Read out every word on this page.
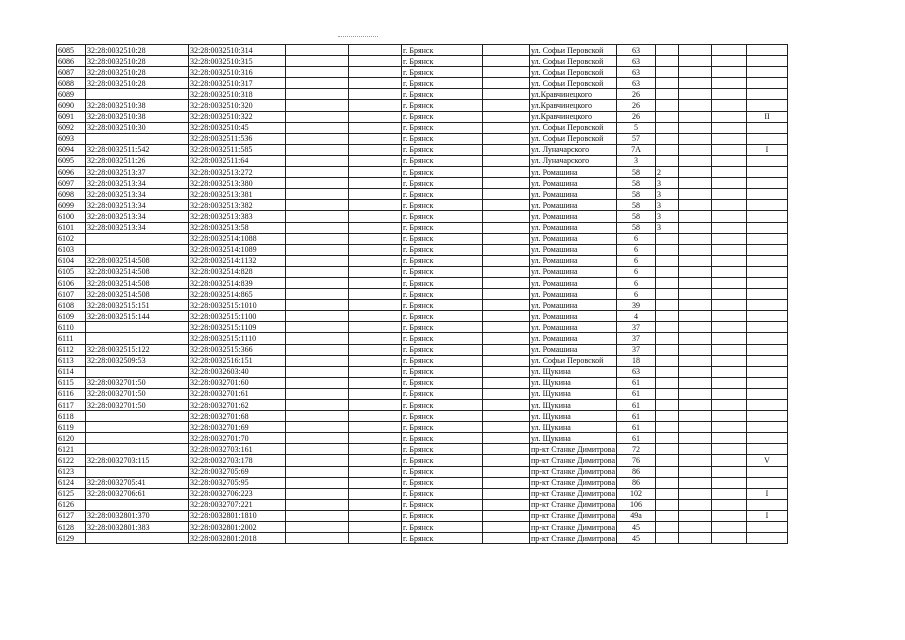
6085	32:28:0032510:28	32:28:0032510:314			г. Брянск		ул. Софьи Перовской	63				
6086	32:28:0032510:28	32:28:0032510:315			г. Брянск		ул. Софьи Перовской	63				
6087	32:28:0032510:28	32:28:0032510:316			г. Брянск		ул. Софьи Перовской	63				
6088	32:28:0032510:28	32:28:0032510:317			г. Брянск		ул. Софьи Перовской	63				
6089		32:28:0032510:318			г. Брянск		ул.Кравчинецкого	26				
6090	32:28:0032510:38	32:28:0032510:320			г. Брянск		ул.Кравчинецкого	26				
6091	32:28:0032510:38	32:28:0032510:322			г. Брянск		ул.Кравчинецкого	26				II
6092	32:28:0032510:30	32:28:0032510:45			г. Брянск		ул. Софьи Перовской	5				
6093		32:28:0032511:536			г. Брянск		ул. Софьи Перовской	57				
6094	32:28:0032511:542	32:28:0032511:585			г. Брянск		ул. Луначарского	7А				I
6095	32:28:0032511:26	32:28:0032511:64			г. Брянск		ул. Луначарского	3				
6096	32:28:0032513:37	32:28:0032513:272			г. Брянск		ул. Ромашина	58	2			
6097	32:28:0032513:34	32:28:0032513:380			г. Брянск		ул. Ромашина	58	3			
6098	32:28:0032513:34	32:28:0032513:381			г. Брянск		ул. Ромашина	58	3			
6099	32:28:0032513:34	32:28:0032513:382			г. Брянск		ул. Ромашина	58	3			
6100	32:28:0032513:34	32:28:0032513:383			г. Брянск		ул. Ромашина	58	3			
6101	32:28:0032513:34	32:28:0032513:58			г. Брянск		ул. Ромашина	58	3			
6102		32:28:0032514:1088			г. Брянск		ул. Ромашина	6				
6103		32:28:0032514:1089			г. Брянск		ул. Ромашина	6				
6104	32:28:0032514:508	32:28:0032514:1132			г. Брянск		ул. Ромашина	6				
6105	32:28:0032514:508	32:28:0032514:828			г. Брянск		ул. Ромашина	6				
6106	32:28:0032514:508	32:28:0032514:839			г. Брянск		ул. Ромашина	6				
6107	32:28:0032514:508	32:28:0032514:865			г. Брянск		ул. Ромашина	6				
6108	32:28:0032515:151	32:28:0032515:1010			г. Брянск		ул. Ромашина	39				
6109	32:28:0032515:144	32:28:0032515:1100			г. Брянск		ул. Ромашина	4				
6110		32:28:0032515:1109			г. Брянск		ул. Ромашина	37				
6111		32:28:0032515:1110			г. Брянск		ул. Ромашина	37				
6112	32:28:0032515:122	32:28:0032515:366			г. Брянск		ул. Ромашина	37				
6113	32:28:0032509:53	32:28:0032516:151			г. Брянск		ул. Софьи Перовской	18				
6114		32:28:0032603:40			г. Брянск		ул. Щукина	63				
6115	32:28:0032701:50	32:28:0032701:60			г. Брянск		ул. Щукина	61				
6116	32:28:0032701:50	32:28:0032701:61			г. Брянск		ул. Щукина	61				
6117	32:28:0032701:50	32:28:0032701:62			г. Брянск		ул. Щукина	61				
6118		32:28:0032701:68			г. Брянск		ул. Щукина	61				
6119		32:28:0032701:69			г. Брянск		ул. Щукина	61				
6120		32:28:0032701:70			г. Брянск		ул. Щукина	61				
6121		32:28:0032703:161			г. Брянск		пр-кт Станке Димитрова	72				
6122	32:28:0032703:115	32:28:0032703:178			г. Брянск		пр-кт Станке Димитрова	76				V
6123		32:28:0032705:69			г. Брянск		пр-кт Станке Димитрова	86				
6124	32:28:0032705:41	32:28:0032705:95			г. Брянск		пр-кт Станке Димитрова	86				
6125	32:28:0032706:61	32:28:0032706:223			г. Брянск		пр-кт Станке Димитрова	102				I
6126		32:28:0032707:221			г. Брянск		пр-кт Станке Димитрова	106				
6127	32:28:0032801:370	32:28:0032801:1810			г. Брянск		пр-кт Станке Димитрова	49а				I
6128	32:28:0032801:383	32:28:0032801:2002			г. Брянск		пр-кт Станке Димитрова	45				
6129		32:28:0032801:2018			г. Брянск		пр-кт Станке Димитрова	45				
